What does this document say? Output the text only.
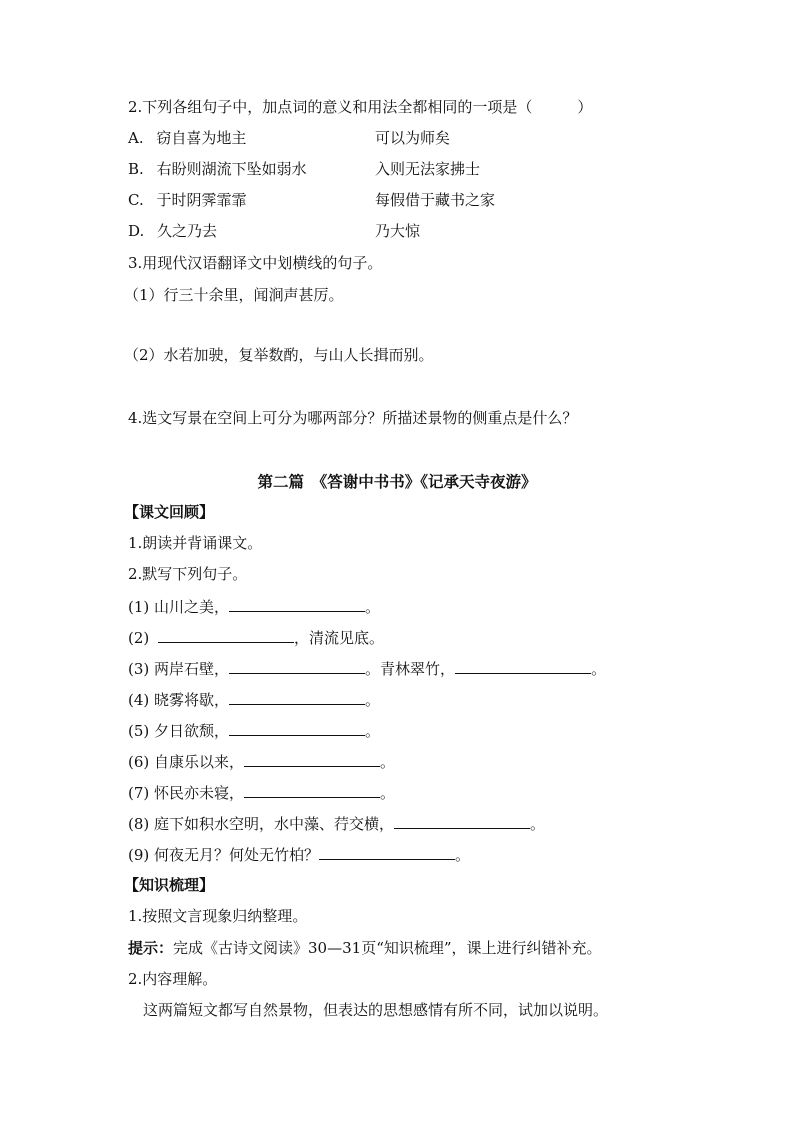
2.下列各组句子中，加点词的意义和用法全都相同的一项是（　　　）
A. 窃自喜为地主	可以为师矣
B. 右盼则湖流下坠如弱水	入则无法家拂士
C. 于时阴霁霏霏	每假借于藏书之家
D. 久之乃去	乃大惊
3.用现代汉语翻译文中划横线的句子。
（1）行三十余里，闻涧声甚厉。
（2）水若加驶，复举数酌，与山人长揖而别。
4.选文写景在空间上可分为哪两部分？所描述景物的侧重点是什么？
第二篇　《答谢中书书》《记承天寺夜游》
【课文回顾】
1.朗读并背诵课文。
2.默写下列句子。
(1) 山川之美，	。
(2)	，清流见底。
(3) 两岸石壁，	。青林翠竹，	。
(4) 晓雾将歇，	。
(5) 夕日欲颓，	。
(6) 自康乐以来，	。
(7) 怀民亦未寝，	。
(8) 庭下如积水空明，水中藻、荇交横，	。
(9) 何夜无月？何处无竹柏？	。
【知识梳理】
1.按照文言现象归纳整理。
提示：完成《古诗文阅读》30—31页“知识梳理”，课上进行纠错补充。
2.内容理解。
这两篇短文都写自然景物，但表达的思想感情有所不同，试加以说明。
